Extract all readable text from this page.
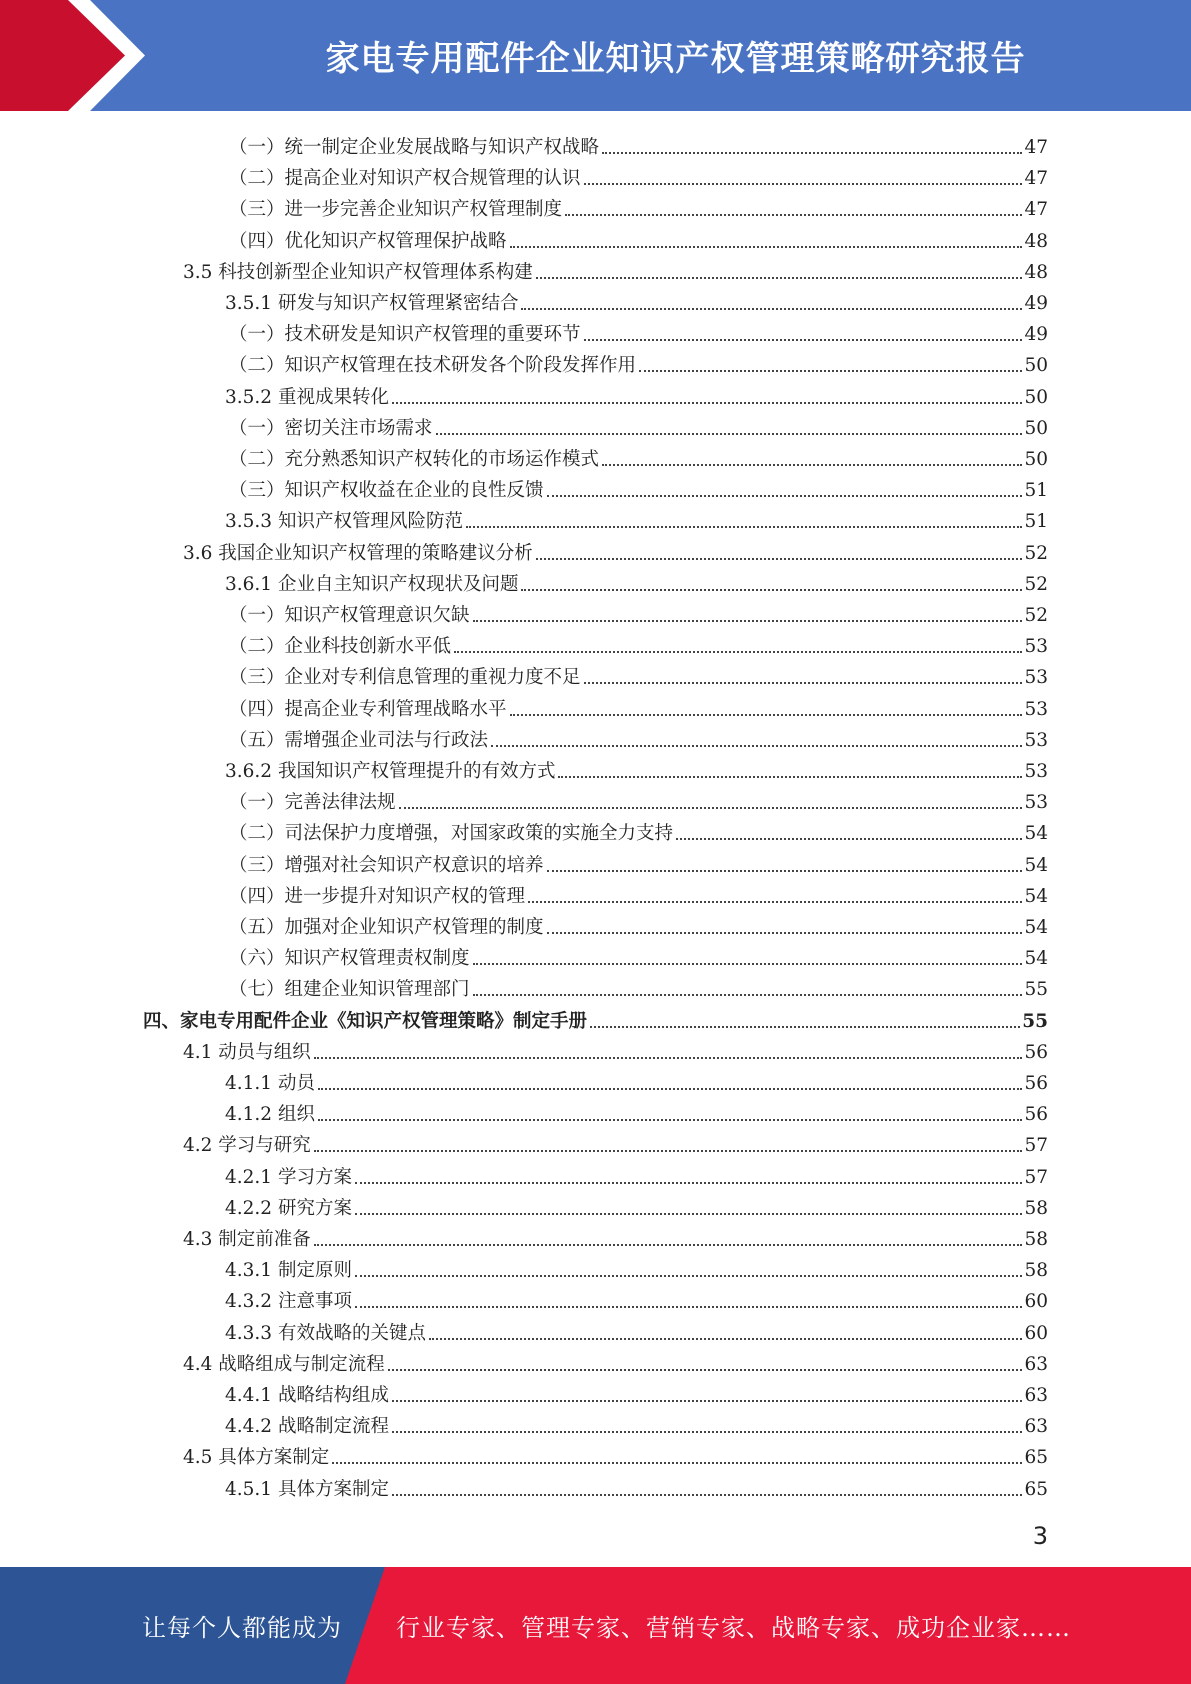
家电专用配件企业知识产权管理策略研究报告
（一）统一制定企业发展战略与知识产权战略	47
（二）提高企业对知识产权合规管理的认识	47
（三）进一步完善企业知识产权管理制度	47
（四）优化知识产权管理保护战略	48
3.5 科技创新型企业知识产权管理体系构建	48
3.5.1 研发与知识产权管理紧密结合	49
（一）技术研发是知识产权管理的重要环节	49
（二）知识产权管理在技术研发各个阶段发挥作用	50
3.5.2 重视成果转化	50
（一）密切关注市场需求	50
（二）充分熟悉知识产权转化的市场运作模式	50
（三）知识产权收益在企业的良性反馈	51
3.5.3 知识产权管理风险防范	51
3.6 我国企业知识产权管理的策略建议分析	52
3.6.1 企业自主知识产权现状及问题	52
（一）知识产权管理意识欠缺	52
（二）企业科技创新水平低	53
（三）企业对专利信息管理的重视力度不足	53
（四）提高企业专利管理战略水平	53
（五）需增强企业司法与行政法	53
3.6.2 我国知识产权管理提升的有效方式	53
（一）完善法律法规	53
（二）司法保护力度增强，对国家政策的实施全力支持	54
（三）增强对社会知识产权意识的培养	54
（四）进一步提升对知识产权的管理	54
（五）加强对企业知识产权管理的制度	54
（六）知识产权管理责权制度	54
（七）组建企业知识管理部门	55
四、家电专用配件企业《知识产权管理策略》制定手册	55
4.1 动员与组织	56
4.1.1 动员	56
4.1.2 组织	56
4.2 学习与研究	57
4.2.1 学习方案	57
4.2.2 研究方案	58
4.3 制定前准备	58
4.3.1 制定原则	58
4.3.2 注意事项	60
4.3.3 有效战略的关键点	60
4.4 战略组成与制定流程	63
4.4.1 战略结构组成	63
4.4.2 战略制定流程	63
4.5 具体方案制定	65
4.5.1 具体方案制定	65
3
让每个人都能成为 行业专家、管理专家、营销专家、战略专家、成功企业家……
